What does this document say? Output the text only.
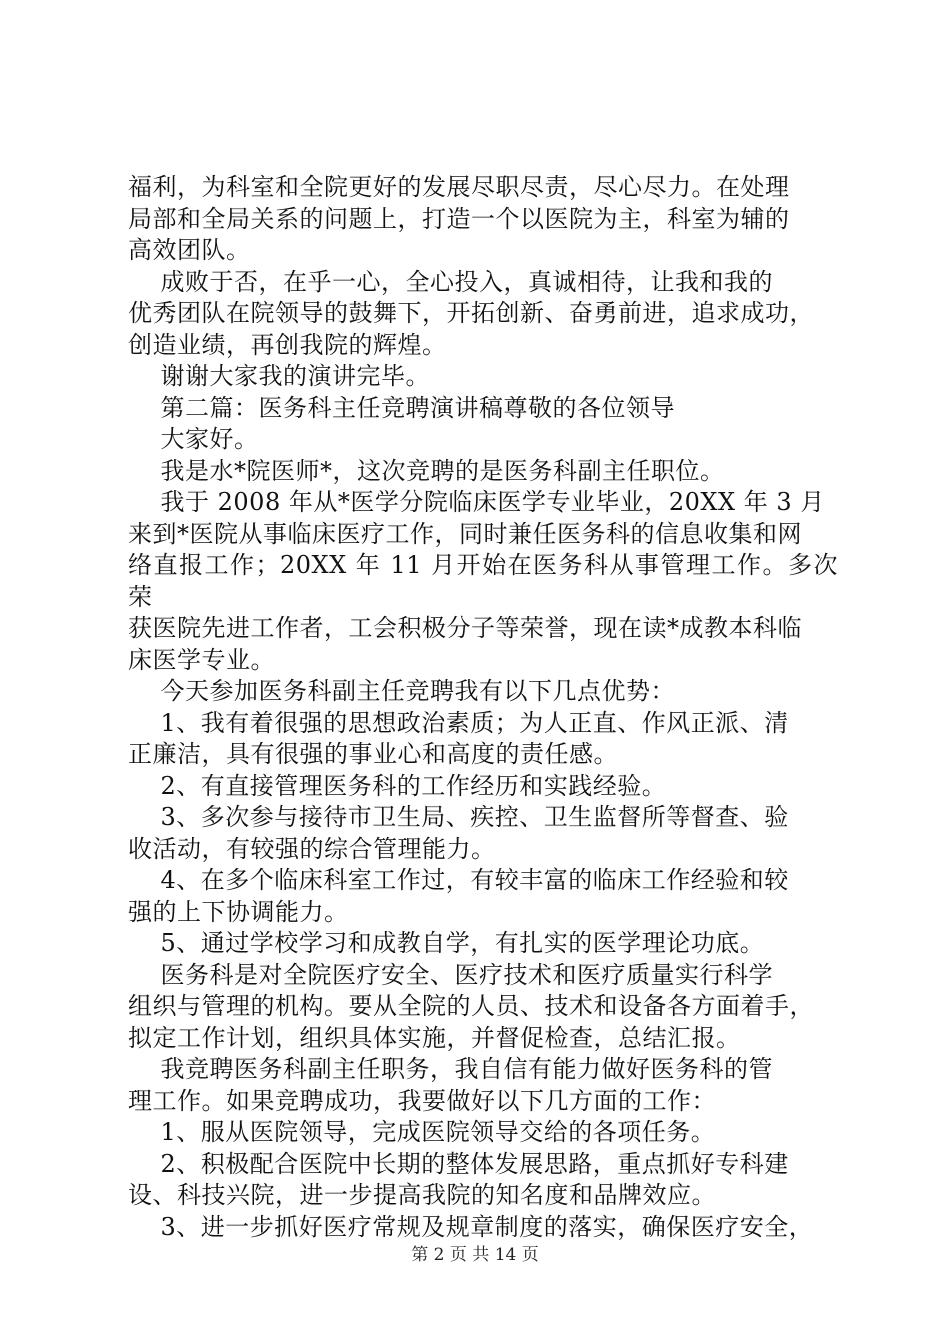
福利，为科室和全院更好的发展尽职尽责，尽心尽力。在处理

局部和全局关系的问题上，打造一个以医院为主，科室为辅的

高效团队。

成败于否，在乎一心，全心投入，真诚相待，让我和我的

优秀团队在院领导的鼓舞下，开拓创新、奋勇前进，追求成功，

创造业绩，再创我院的辉煌。

谢谢大家我的演讲完毕。

第二篇：医务科主任竞聘演讲稿尊敬的各位领导

大家好。

我是水*院医师*，这次竞聘的是医务科副主任职位。

我于 2008 年从*医学分院临床医学专业毕业，20XX 年 3 月

来到*医院从事临床医疗工作，同时兼任医务科的信息收集和网

络直报工作；20XX 年 11 月开始在医务科从事管理工作。多次荣

获医院先进工作者，工会积极分子等荣誉，现在读*成教本科临

床医学专业。

今天参加医务科副主任竞聘我有以下几点优势：

1、我有着很强的思想政治素质；为人正直、作风正派、清

正廉洁，具有很强的事业心和高度的责任感。

2、有直接管理医务科的工作经历和实践经验。

3、多次参与接待市卫生局、疾控、卫生监督所等督查、验

收活动，有较强的综合管理能力。

4、在多个临床科室工作过，有较丰富的临床工作经验和较

强的上下协调能力。

5、通过学校学习和成教自学，有扎实的医学理论功底。

医务科是对全院医疗安全、医疗技术和医疗质量实行科学

组织与管理的机构。要从全院的人员、技术和设备各方面着手，

拟定工作计划，组织具体实施，并督促检查，总结汇报。

我竞聘医务科副主任职务，我自信有能力做好医务科的管

理工作。如果竞聘成功，我要做好以下几方面的工作：

1、服从医院领导，完成医院领导交给的各项任务。

2、积极配合医院中长期的整体发展思路，重点抓好专科建

设、科技兴院，进一步提高我院的知名度和品牌效应。

3、进一步抓好医疗常规及规章制度的落实，确保医疗安全，

第 2 页 共 14 页
